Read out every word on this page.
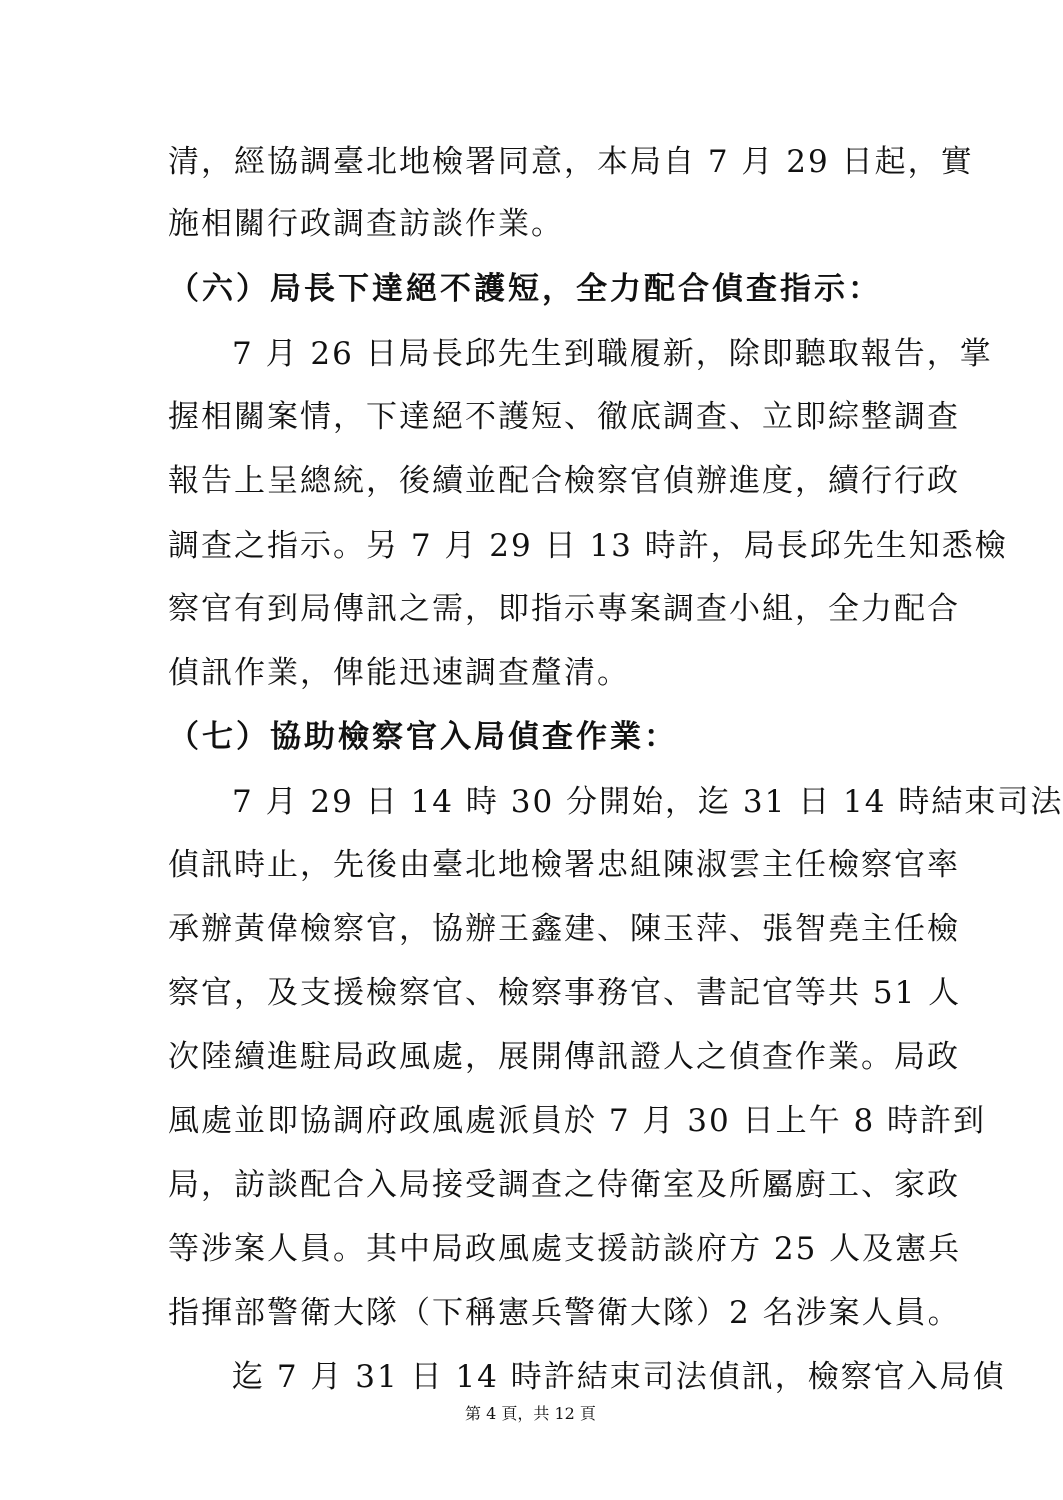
清，經協調臺北地檢署同意，本局自 7 月 29 日起，實
施相關行政調查訪談作業。
（六）局長下達絕不護短，全力配合偵查指示：
7 月 26 日局長邱先生到職履新，除即聽取報告，掌
握相關案情，下達絕不護短、徹底調查、立即綜整調查
報告上呈總統，後續並配合檢察官偵辦進度，續行行政
調查之指示。另 7 月 29 日 13 時許，局長邱先生知悉檢
察官有到局傳訊之需，即指示專案調查小組，全力配合
偵訊作業，俾能迅速調查釐清。
（七）協助檢察官入局偵查作業：
7 月 29 日 14 時 30 分開始，迄 31 日 14 時結束司法
偵訊時止，先後由臺北地檢署忠組陳淑雲主任檢察官率
承辦黃偉檢察官，協辦王鑫建、陳玉萍、張智堯主任檢
察官，及支援檢察官、檢察事務官、書記官等共 51 人
次陸續進駐局政風處，展開傳訊證人之偵查作業。局政
風處並即協調府政風處派員於 7 月 30 日上午 8 時許到
局，訪談配合入局接受調查之侍衛室及所屬廚工、家政
等涉案人員。其中局政風處支援訪談府方 25 人及憲兵
指揮部警衛大隊（下稱憲兵警衛大隊）2 名涉案人員。
迄 7 月 31 日 14 時許結束司法偵訊，檢察官入局偵
第 4 頁，共 12 頁
